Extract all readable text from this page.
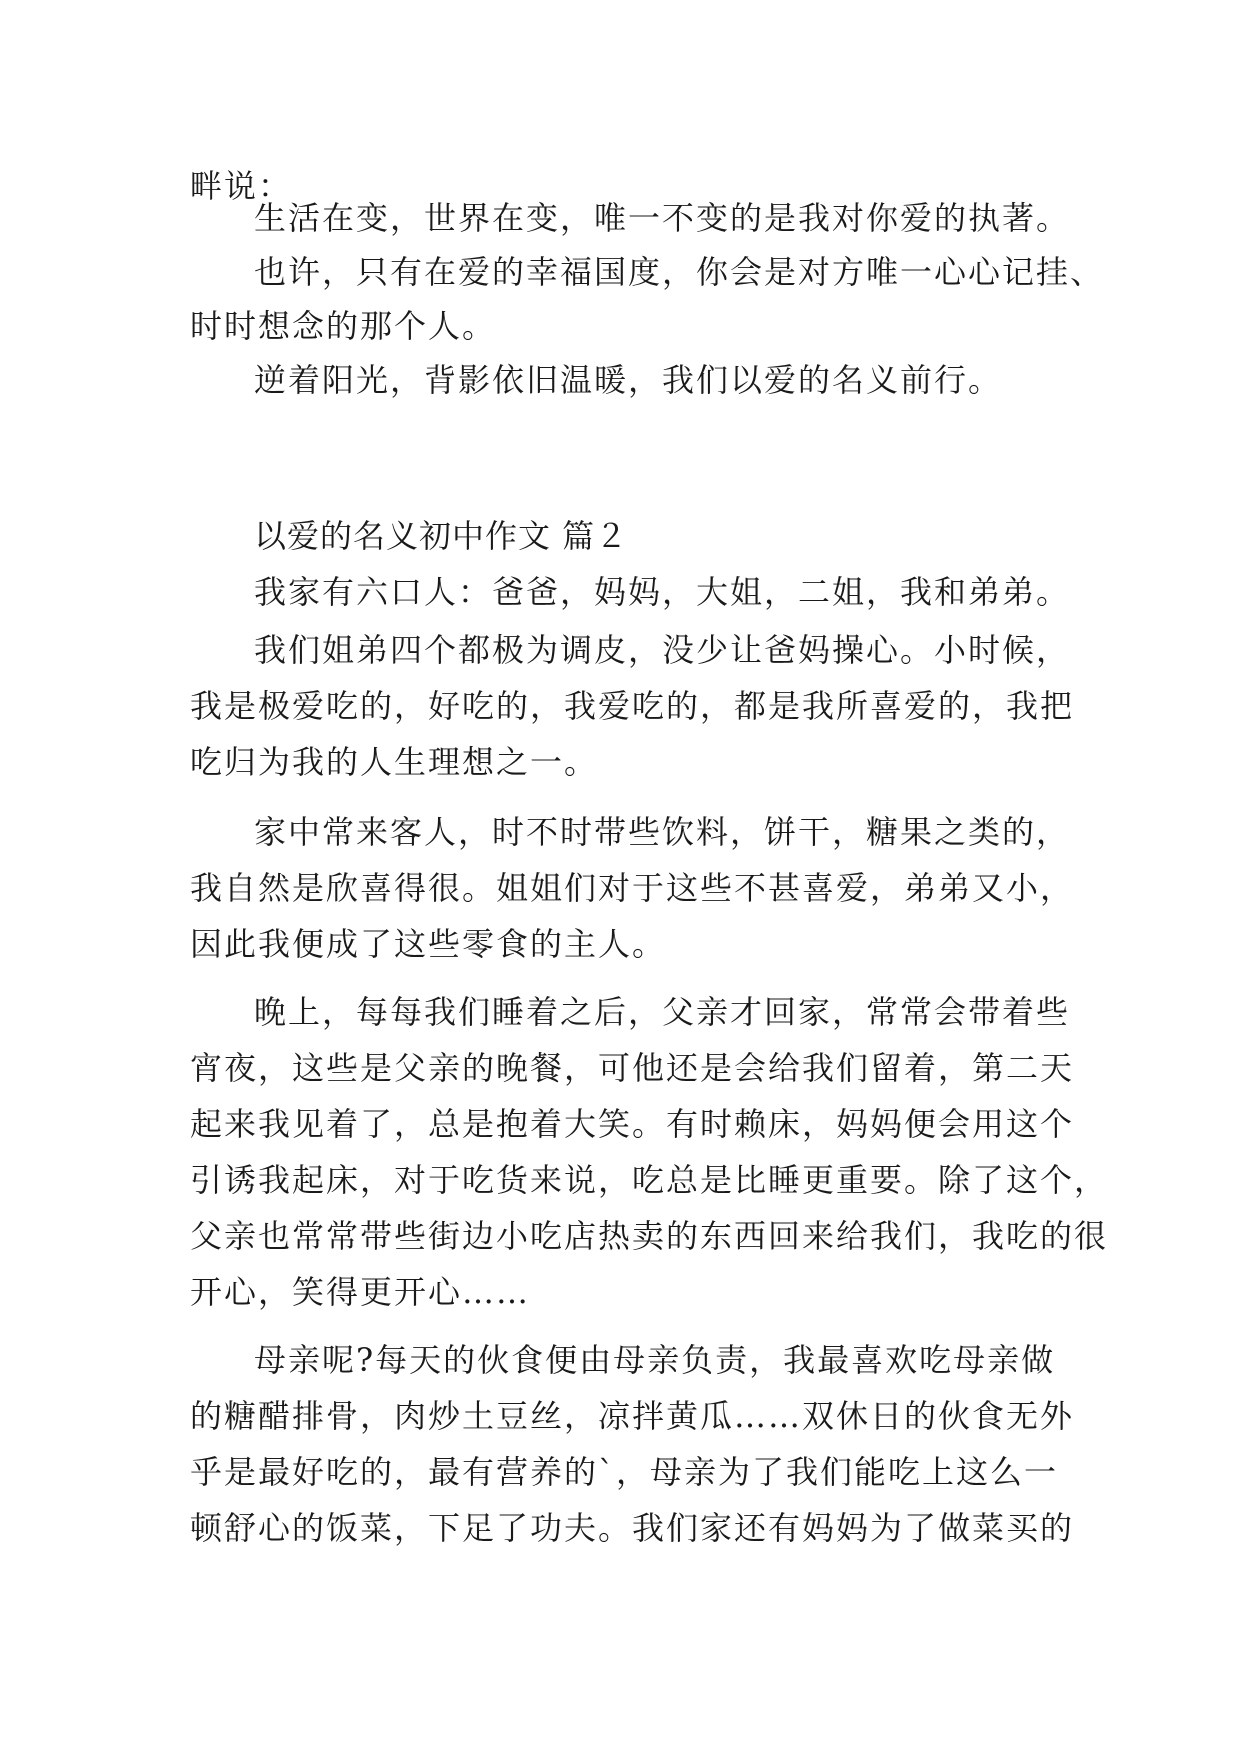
畔说：
生活在变，世界在变，唯一不变的是我对你爱的执著。
也许，只有在爱的幸福国度，你会是对方唯一心心记挂、
时时想念的那个人。
逆着阳光，背影依旧温暖，我们以爱的名义前行。
以爱的名义初中作文 篇２
我家有六口人：爸爸，妈妈，大姐，二姐，我和弟弟。
我们姐弟四个都极为调皮，没少让爸妈操心。小时候，
我是极爱吃的，好吃的，我爱吃的，都是我所喜爱的，我把
吃归为我的人生理想之一。
家中常来客人，时不时带些饮料，饼干，糖果之类的，
我自然是欣喜得很。姐姐们对于这些不甚喜爱，弟弟又小，
因此我便成了这些零食的主人。
晚上，每每我们睡着之后，父亲才回家，常常会带着些
宵夜，这些是父亲的晚餐，可他还是会给我们留着，第二天
起来我见着了，总是抱着大笑。有时赖床，妈妈便会用这个
引诱我起床，对于吃货来说，吃总是比睡更重要。除了这个，
父亲也常常带些街边小吃店热卖的东西回来给我们，我吃的很
开心，笑得更开心……
母亲呢?每天的伙食便由母亲负责，我最喜欢吃母亲做
的糖醋排骨，肉炒土豆丝，凉拌黄瓜……双休日的伙食无外
乎是最好吃的，最有营养的`，母亲为了我们能吃上这么一
顿舒心的饭菜，下足了功夫。我们家还有妈妈为了做菜买的
